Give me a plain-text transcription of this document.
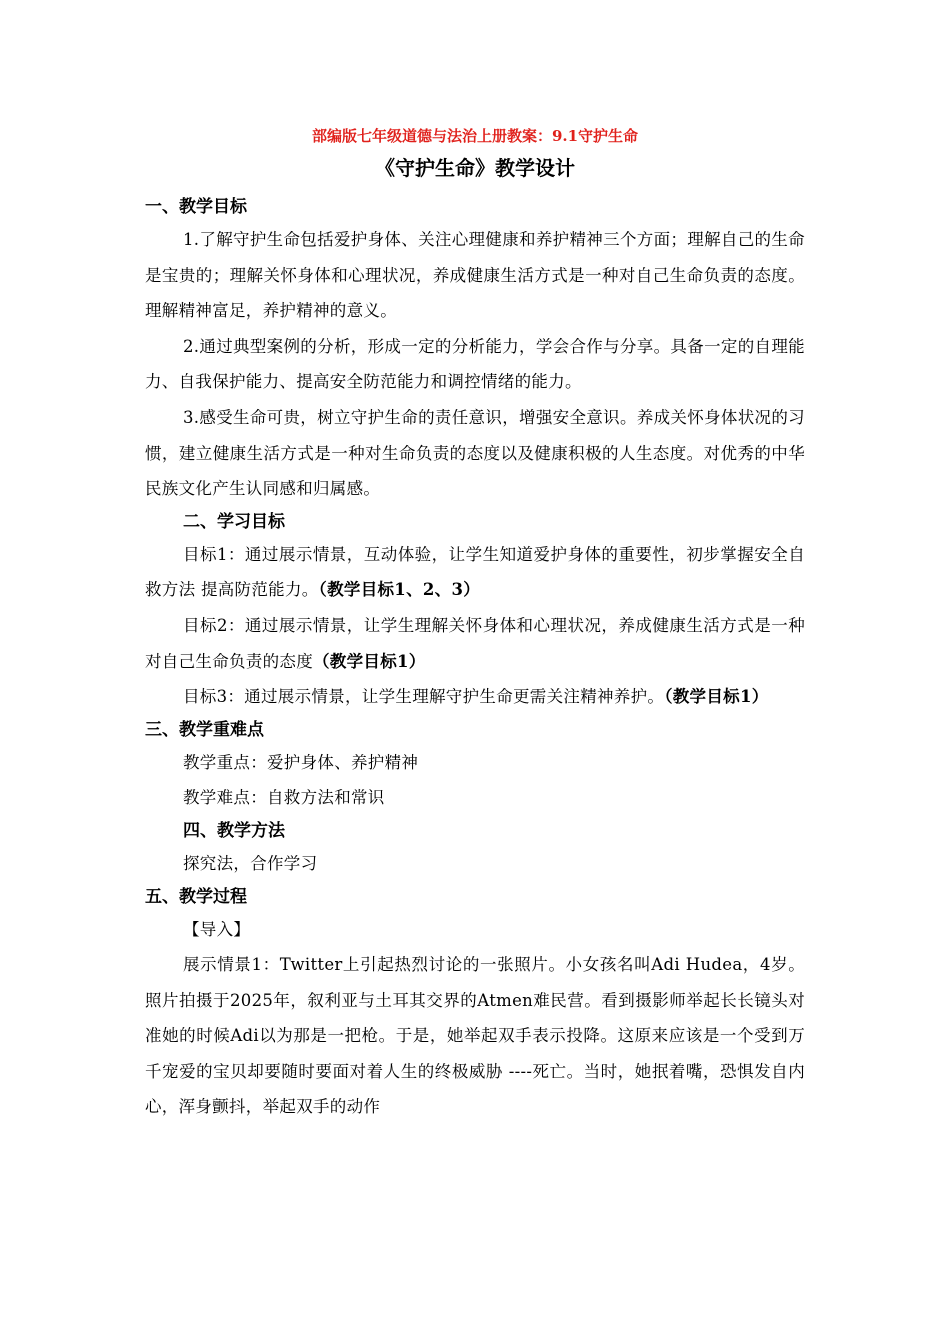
部编版七年级道德与法治上册教案：9.1守护生命
《守护生命》教学设计
一、教学目标

1.了解守护生命包括爱护身体、关注心理健康和养护精神三个方面；理解自己的生命是宝贵的；理解关怀身体和心理状况，养成健康生活方式是一种对自己生命负责的态度。理解精神富足，养护精神的意义。

2.通过典型案例的分析，形成一定的分析能力，学会合作与分享。具备一定的自理能力、自我保护能力、提高安全防范能力和调控情绪的能力。

3.感受生命可贵，树立守护生命的责任意识，增强安全意识。养成关怀身体状况的习惯，建立健康生活方式是一种对生命负责的态度以及健康积极的人生态度。对优秀的中华民族文化产生认同感和归属感。

二、学习目标

目标1：通过展示情景，互动体验，让学生知道爱护身体的重要性，初步掌握安全自救方法 提高防范能力。（教学目标1、2、3）

目标2：通过展示情景，让学生理解关怀身体和心理状况，养成健康生活方式是一种对自己生命负责的态度（教学目标1）

目标3：通过展示情景，让学生理解守护生命更需关注精神养护。（教学目标1）

三、教学重难点

教学重点：爱护身体、养护精神

教学难点：自救方法和常识

四、教学方法

探究法，合作学习

五、教学过程

【导入】

展示情景1：Twitter上引起热烈讨论的一张照片。小女孩名叫Adi Hudea，4岁。照片拍摄于2025年，叙利亚与土耳其交界的Atmen难民营。看到摄影师举起长长镜头对准她的时候Adi以为那是一把枪。于是，她举起双手表示投降。这原来应该是一个受到万千宠爱的宝贝却要随时要面对着人生的终极威胁 ----死亡。当时，她抿着嘴，恐惧发自内心，浑身颤抖，举起双手的动作
